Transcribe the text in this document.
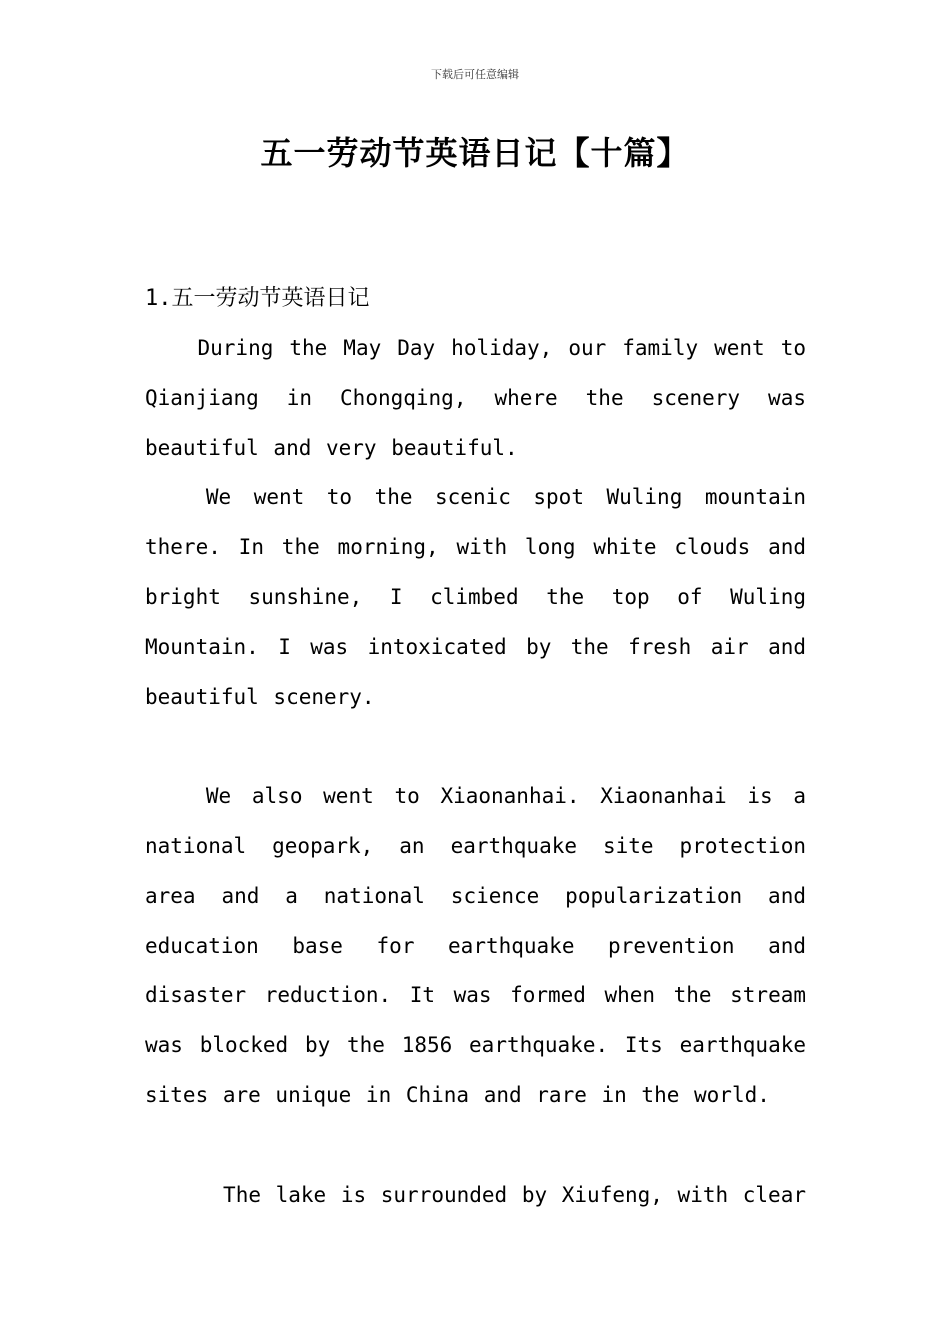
下载后可任意编辑
五一劳动节英语日记【十篇】
1.五一劳动节英语日记

During the May Day holiday, our family went to Qianjiang in Chongqing, where the scenery was beautiful and very beautiful.

We went to the scenic spot Wuling mountain there. In the morning, with long white clouds and bright sunshine, I climbed the top of Wuling Mountain. I was intoxicated by the fresh air and beautiful scenery.

We also went to Xiaonanhai. Xiaonanhai is a national geopark, an earthquake site protection area and a national science popularization and education base for earthquake prevention and disaster reduction. It was formed when the stream was blocked by the 1856 earthquake. Its earthquake sites are unique in China and rare in the world.

The lake is surrounded by Xiufeng, with clear
